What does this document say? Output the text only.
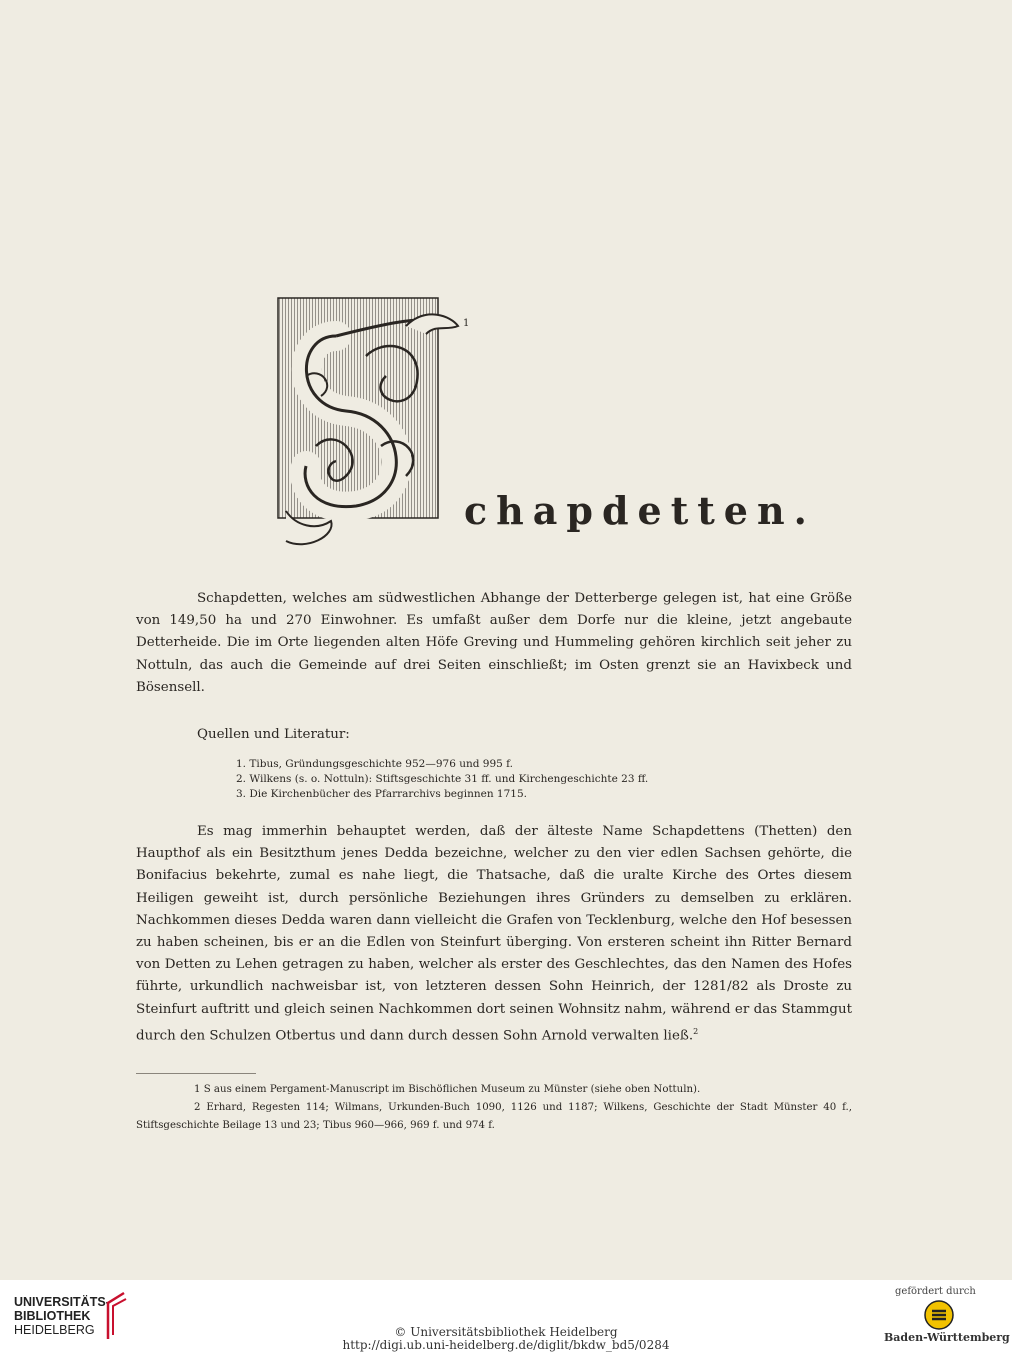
1
chapdetten.
Schapdetten, welches am südwestlichen Abhange der Detterberge gelegen ist, hat eine Größe von 149,50 ha und 270 Einwohner. Es umfaßt außer dem Dorfe nur die kleine, jetzt angebaute Detterheide. Die im Orte liegenden alten Höfe Greving und Hummeling gehören kirchlich seit jeher zu Nottuln, das auch die Gemeinde auf drei Seiten einschließt; im Osten grenzt sie an Havixbeck und Bösensell.
Quellen und Literatur:
1. Tibus, Gründungsgeschichte 952—976 und 995 f.
2. Wilkens (s. o. Nottuln): Stiftsgeschichte 31 ff. und Kirchengeschichte 23 ff.
3. Die Kirchenbücher des Pfarrarchivs beginnen 1715.
Es mag immerhin behauptet werden, daß der älteste Name Schapdettens (Thetten) den Haupthof als ein Besitzthum jenes Dedda bezeichne, welcher zu den vier edlen Sachsen gehörte, die Bonifacius bekehrte, zumal es nahe liegt, die Thatsache, daß die uralte Kirche des Ortes diesem Heiligen geweiht ist, durch persönliche Beziehungen ihres Gründers zu demselben zu erklären. Nachkommen dieses Dedda waren dann vielleicht die Grafen von Tecklenburg, welche den Hof besessen zu haben scheinen, bis er an die Edlen von Steinfurt überging. Von ersteren scheint ihn Ritter Bernard von Detten zu Lehen getragen zu haben, welcher als erster des Geschlechtes, das den Namen des Hofes führte, urkundlich nachweisbar ist, von letzteren dessen Sohn Heinrich, der 1281/82 als Droste zu Steinfurt auftritt und gleich seinen Nachkommen dort seinen Wohnsitz nahm, während er das Stammgut durch den Schulzen Otbertus und dann durch dessen Sohn Arnold verwalten ließ.$^2$

1 S aus einem Pergament-Manuscript im Bischöflichen Museum zu Münster (siehe oben Nottuln).

2 Erhard, Regesten 114; Wilmans, Urkunden-Buch 1090, 1126 und 1187; Wilkens, Geschichte der Stadt Münster 40 f., Stiftsgeschichte Beilage 13 und 23; Tibus 960—966, 969 f. und 974 f.

UNIVERSITÄTS-
BIBLIOTHEK
HEIDELBERG	© Universitätsbibliothek Heidelberg
http://digi.ub.uni-heidelberg.de/diglit/bkdw_bd5/0284
gefördert durch
Baden-Württemberg
